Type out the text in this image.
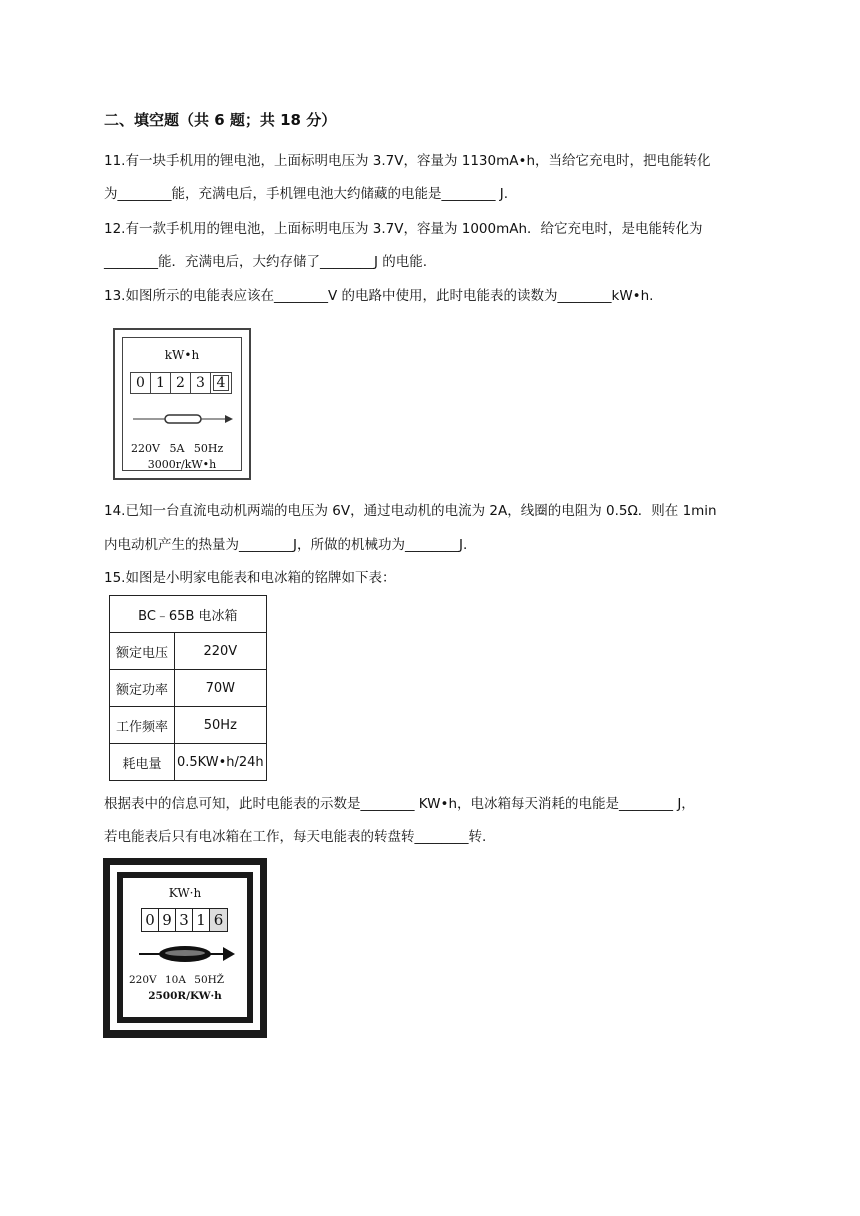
二、填空题（共 6 题；共 18 分）
11.有一块手机用的锂电池，上面标明电压为 3.7V，容量为 1130mA•h，当给它充电时，把电能转化
为________能，充满电后，手机锂电池大约储藏的电能是________ J.
12.有一款手机用的锂电池，上面标明电压为 3.7V，容量为 1000mAh．给它充电时，是电能转化为
________能．充满电后，大约存储了________J 的电能.
13.如图所示的电能表应该在________V 的电路中使用，此时电能表的读数为________kW•h.
kW•h
0 1 2 3 4
220V 5A 50Hz
3000r/kW•h
14.已知一台直流电动机两端的电压为 6V，通过电动机的电流为 2A，线圈的电阻为 0.5Ω．则在 1min
内电动机产生的热量为________J，所做的机械功为________J.
15.如图是小明家电能表和电冰箱的铭牌如下表：
BC﹣65B 电冰箱	
额定电压	220V
额定功率	70W
工作频率	50Hz
耗电量	0.5KW•h/24h
根据表中的信息可知，此时电能表的示数是________ KW•h，电冰箱每天消耗的电能是________ J，
若电能表后只有电冰箱在工作，每天电能表的转盘转________转.
KW·h
0 9 3 1 6
220V 10A 50HŽ
2500R/KW·h
